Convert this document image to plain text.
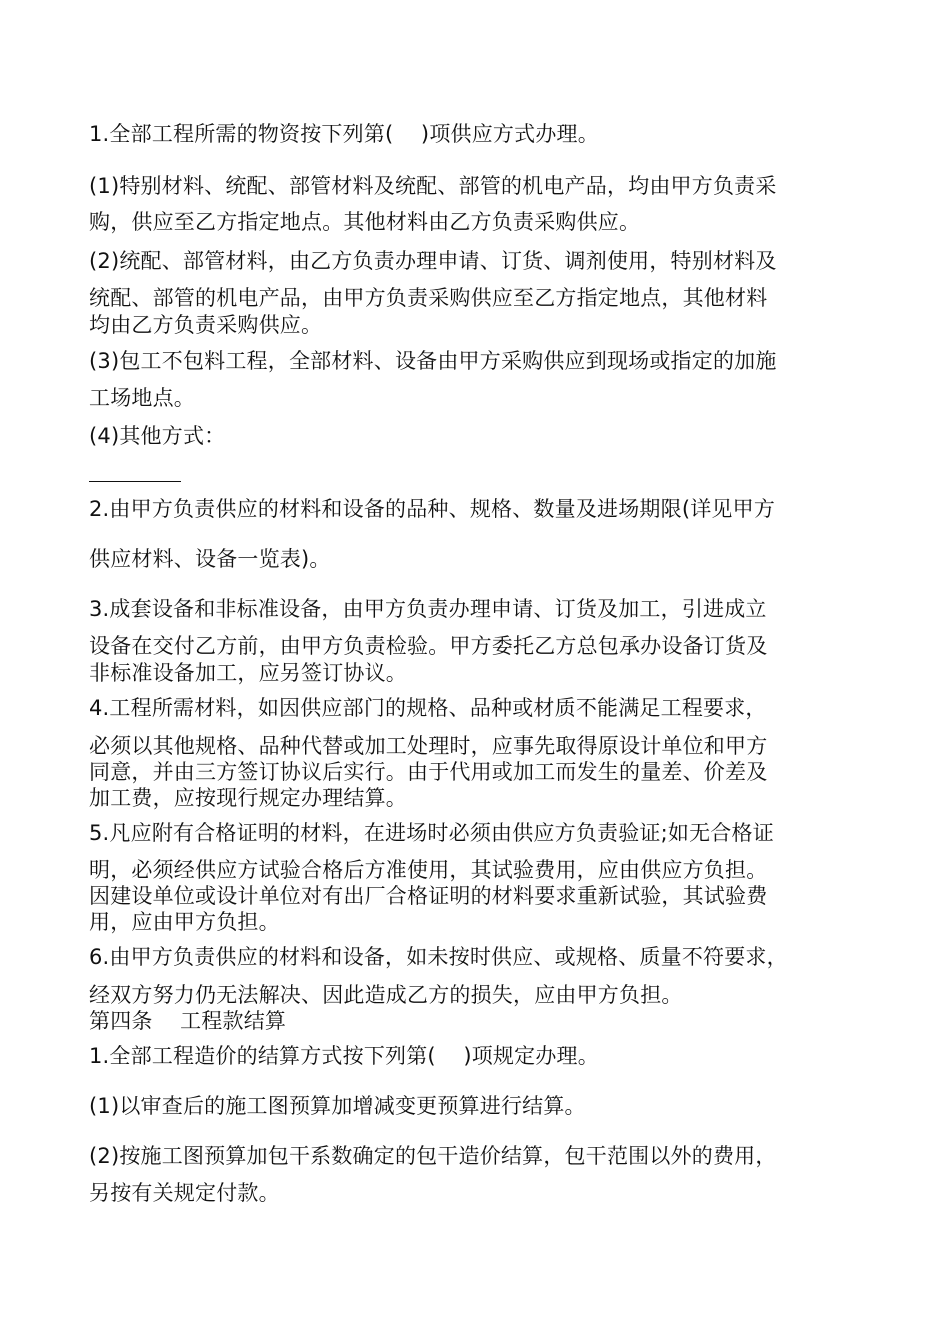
1.全部工程所需的物资按下列第(    )项供应方式办理。
(1)特别材料、统配、部管材料及统配、部管的机电产品，均由甲方负责采
购，供应至乙方指定地点。其他材料由乙方负责采购供应。
(2)统配、部管材料，由乙方负责办理申请、订货、调剂使用，特别材料及
统配、部管的机电产品，由甲方负责采购供应至乙方指定地点，其他材料
均由乙方负责采购供应。
(3)包工不包料工程，全部材料、设备由甲方采购供应到现场或指定的加施
工场地点。
(4)其他方式：
2.由甲方负责供应的材料和设备的品种、规格、数量及进场期限(详见甲方
供应材料、设备一览表)。
3.成套设备和非标准设备，由甲方负责办理申请、订货及加工，引进成立
设备在交付乙方前，由甲方负责检验。甲方委托乙方总包承办设备订货及
非标准设备加工，应另签订协议。
4.工程所需材料，如因供应部门的规格、品种或材质不能满足工程要求，
必须以其他规格、品种代替或加工处理时，应事先取得原设计单位和甲方
同意，并由三方签订协议后实行。由于代用或加工而发生的量差、价差及
加工费，应按现行规定办理结算。
5.凡应附有合格证明的材料，在进场时必须由供应方负责验证;如无合格证
明，必须经供应方试验合格后方准使用，其试验费用，应由供应方负担。
因建设单位或设计单位对有出厂合格证明的材料要求重新试验，其试验费
用，应由甲方负担。
6.由甲方负责供应的材料和设备，如未按时供应、或规格、质量不符要求，
经双方努力仍无法解决、因此造成乙方的损失，应由甲方负担。
第四条    工程款结算
1.全部工程造价的结算方式按下列第(    )项规定办理。
(1)以审查后的施工图预算加增减变更预算进行结算。
(2)按施工图预算加包干系数确定的包干造价结算，包干范围以外的费用，
另按有关规定付款。
